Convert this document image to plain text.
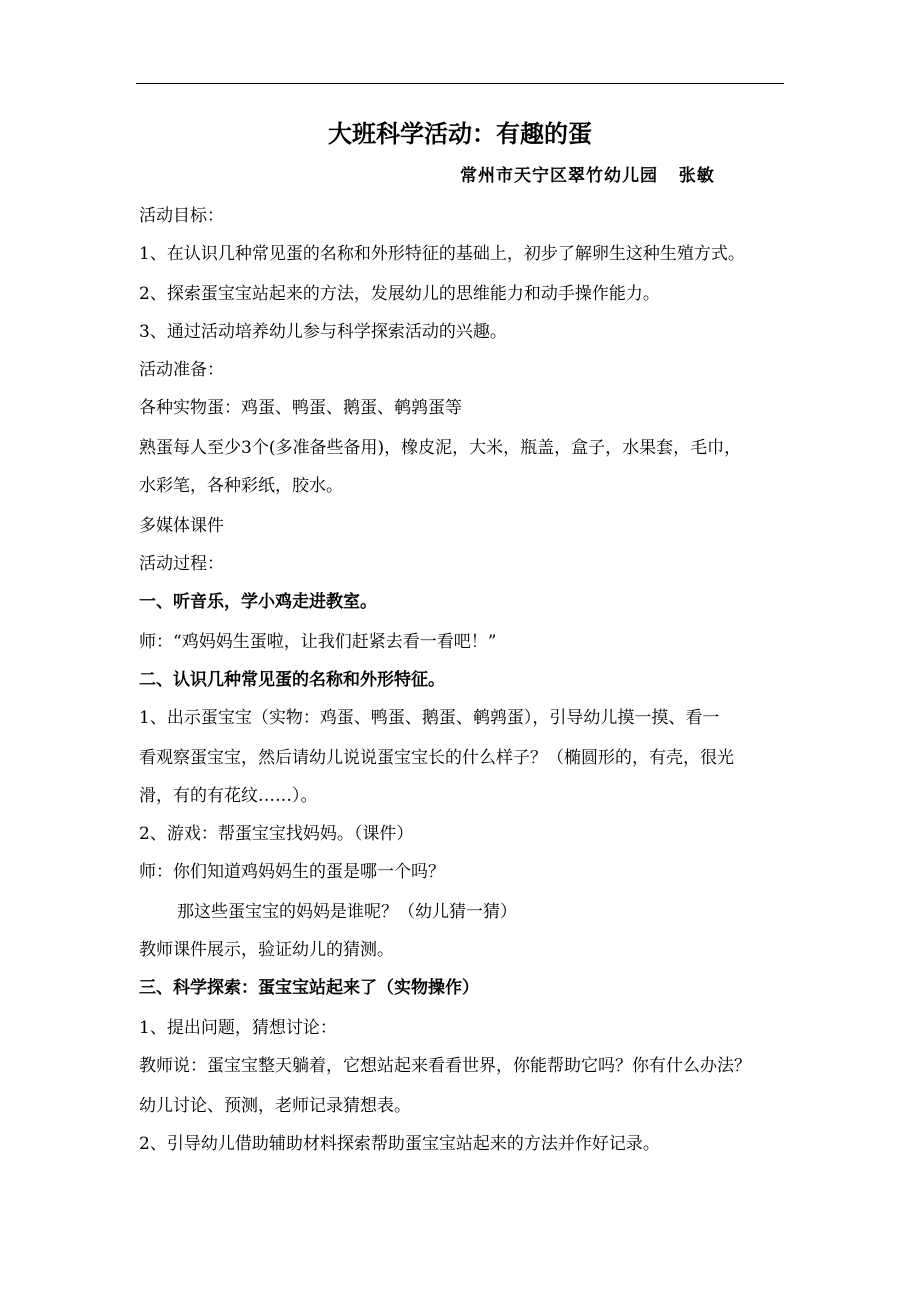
大班科学活动：有趣的蛋
常州市天宁区翠竹幼儿园   张敏
活动目标：
1、在认识几种常见蛋的名称和外形特征的基础上，初步了解卵生这种生殖方式。
2、探索蛋宝宝站起来的方法，发展幼儿的思维能力和动手操作能力。
3、通过活动培养幼儿参与科学探索活动的兴趣。
活动准备：
各种实物蛋：鸡蛋、鸭蛋、鹅蛋、鹌鹑蛋等
熟蛋每人至少3个(多准备些备用)，橡皮泥，大米，瓶盖，盒子，水果套，毛巾，
水彩笔，各种彩纸，胶水。
多媒体课件
活动过程：
一、听音乐，学小鸡走进教室。
师：“鸡妈妈生蛋啦，让我们赶紧去看一看吧！”
二、认识几种常见蛋的名称和外形特征。
1、出示蛋宝宝（实物：鸡蛋、鸭蛋、鹅蛋、鹌鹑蛋），引导幼儿摸一摸、看一
看观察蛋宝宝，然后请幼儿说说蛋宝宝长的什么样子？（椭圆形的，有壳，很光
滑，有的有花纹……）。
2、游戏：帮蛋宝宝找妈妈。（课件）
师：你们知道鸡妈妈生的蛋是哪一个吗？
那这些蛋宝宝的妈妈是谁呢？（幼儿猜一猜）
教师课件展示，验证幼儿的猜测。
三、科学探索：蛋宝宝站起来了（实物操作）
1、提出问题，猜想讨论：
教师说：蛋宝宝整天躺着，它想站起来看看世界，你能帮助它吗？你有什么办法？
幼儿讨论、预测，老师记录猜想表。
2、引导幼儿借助辅助材料探索帮助蛋宝宝站起来的方法并作好记录。
